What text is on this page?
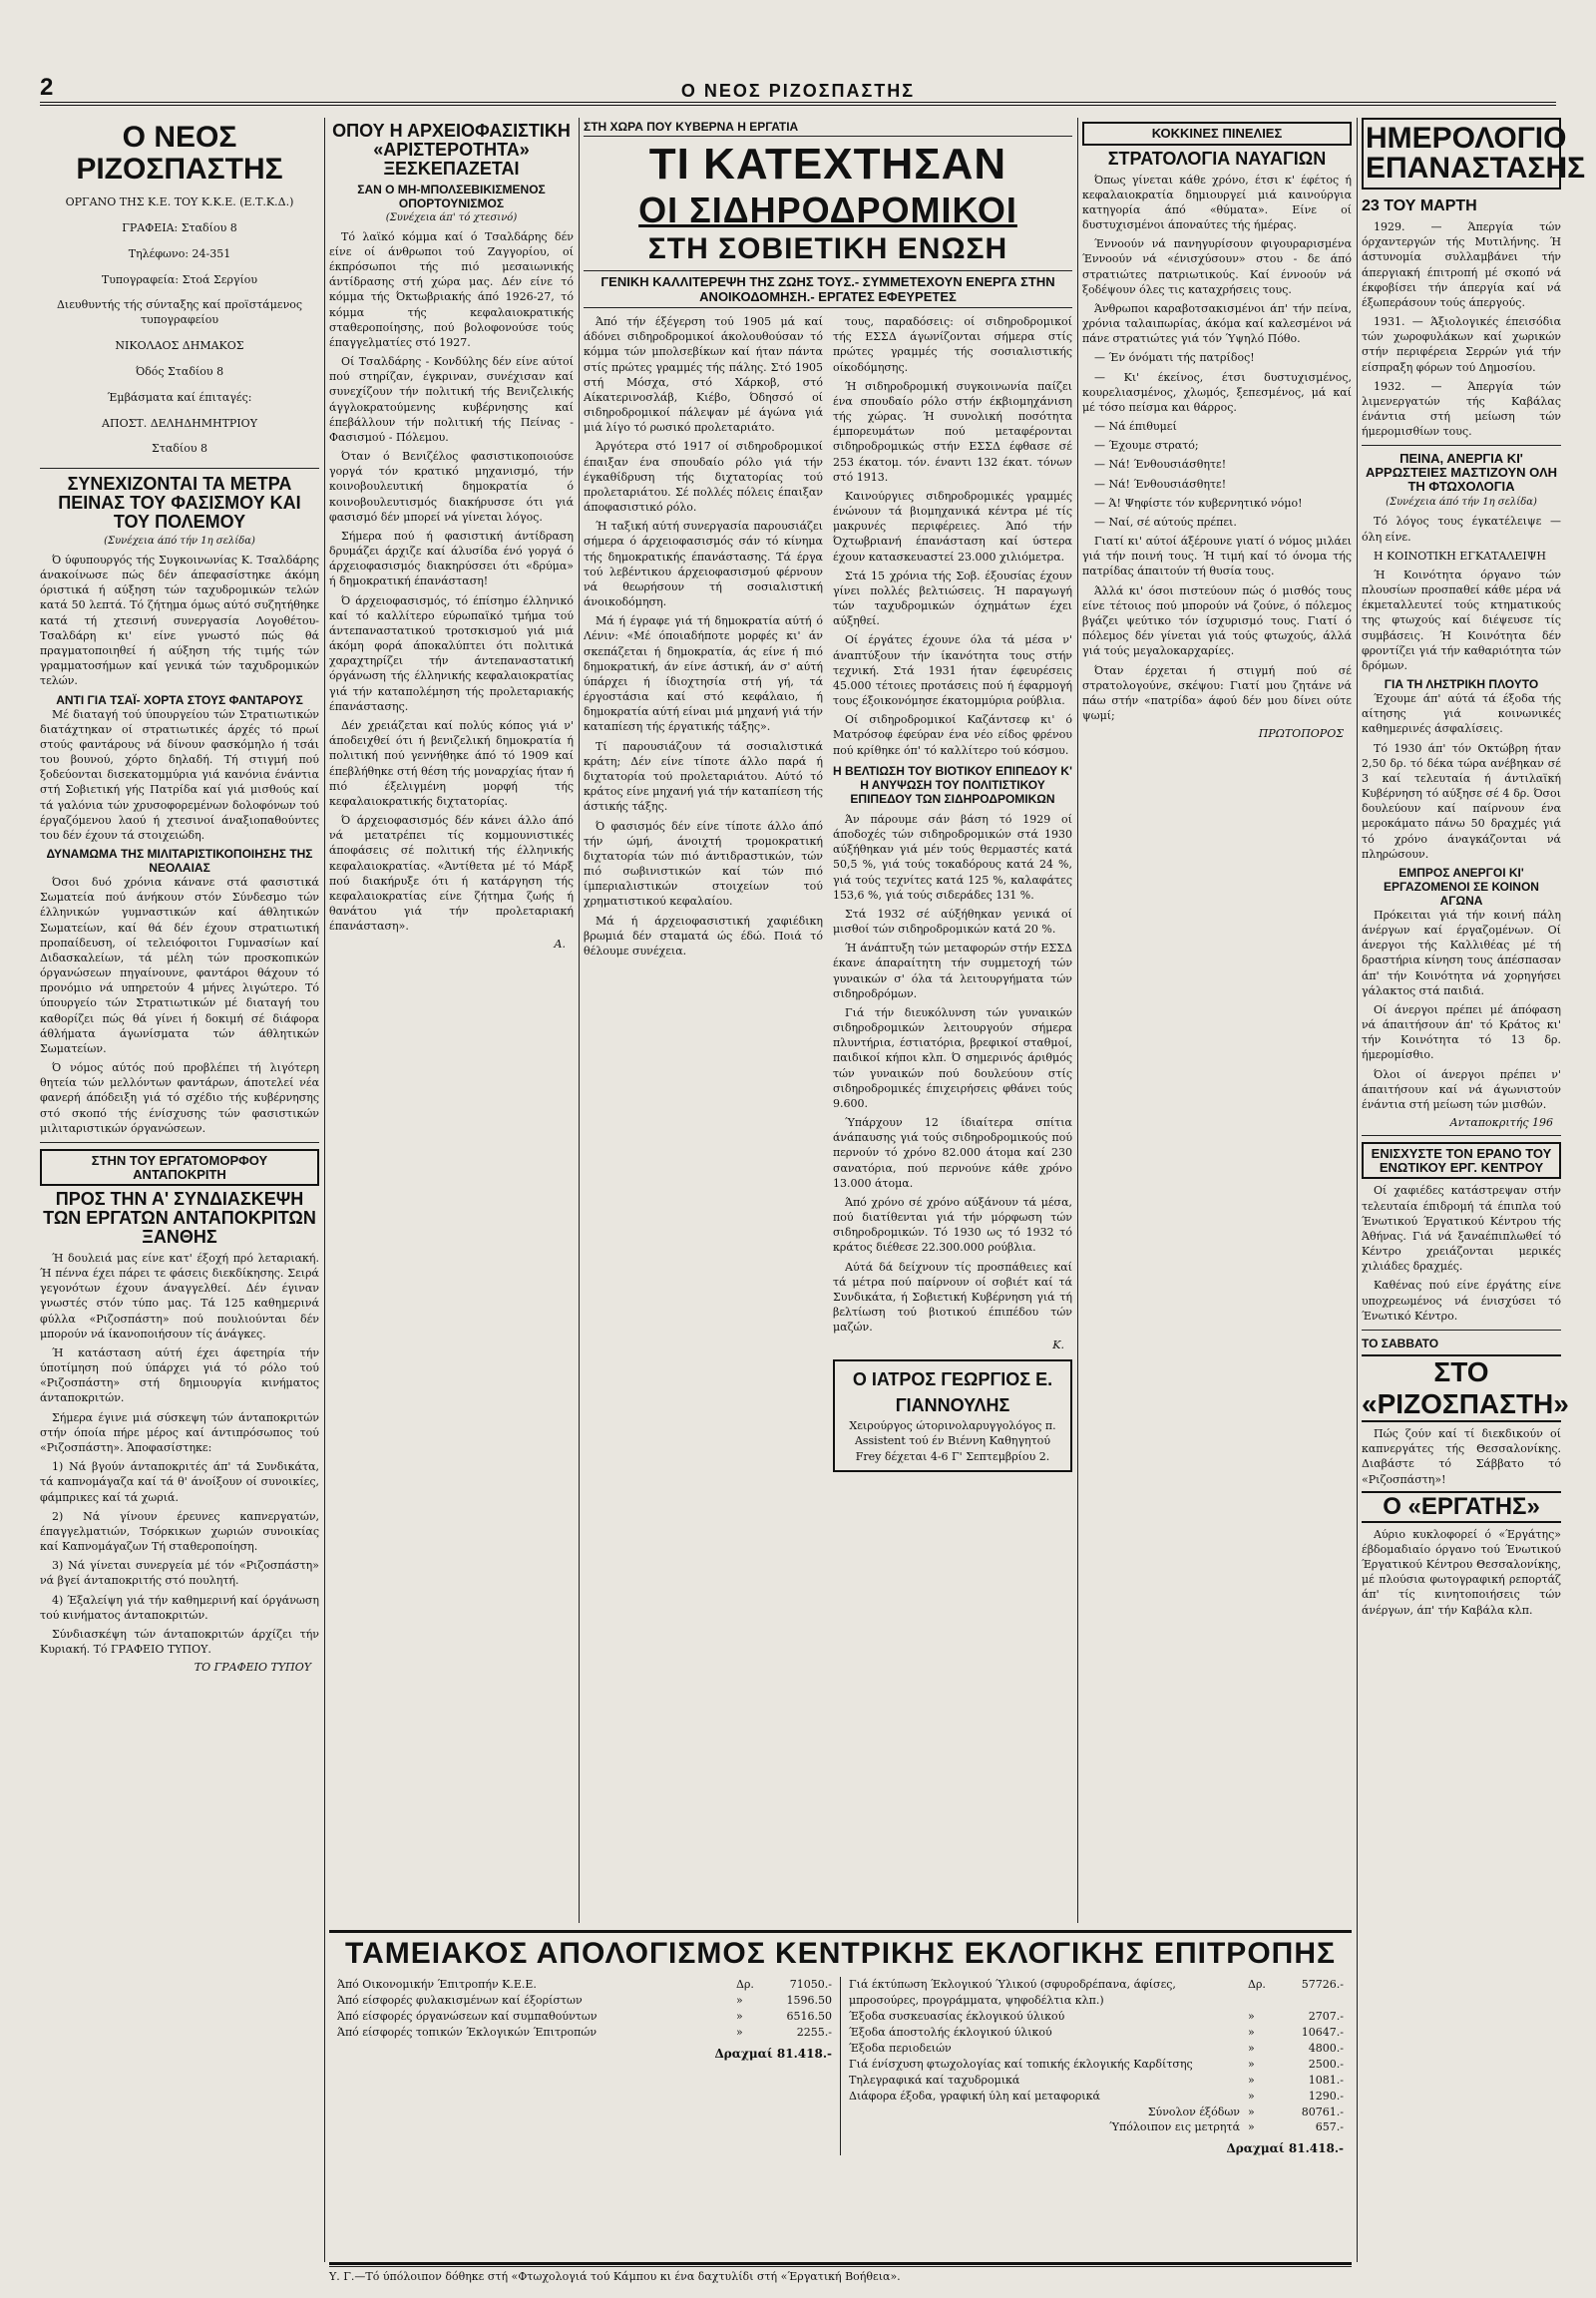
2	Ο ΝΕΟΣ ΡΙΖΟΣΠΑΣΤΗΣ
Ο ΝΕΟΣ ΡΙΖΟΣΠΑΣΤΗΣ

ΟΡΓΑΝΟ ΤΗΣ Κ.Ε. ΤΟΥ Κ.Κ.Ε. (Ε.Τ.Κ.Δ.)

ΓΡΑΦΕΙΑ: Σταδίου 8

Τηλέφωνο: 24-351

Τυπογραφεία: Στοά Σεργίου

Διευθυντής τής σύνταξης καί προϊστάμενος τυπογραφείου

ΝΙΚΟΛΑΟΣ ΔΗΜΑΚΟΣ

Όδός Σταδίου 8

Έμβάσματα καί έπιταγές:

ΑΠΟΣΤ. ΔΕΛΗΔΗΜΗΤΡΙΟΥ

Σταδίου 8

ΣΥΝΕΧΙΖΟΝΤΑΙ ΤΑ ΜΕΤΡΑ ΠΕΙΝΑΣ ΤΟΥ ΦΑΣΙΣΜΟΥ ΚΑΙ ΤΟΥ ΠΟΛΕΜΟΥ
(Συνέχεια άπό τήν 1η σελίδα)

Ό ύφυπουργός τής Συγκοινωνίας Κ. Τσαλδάρης άνακοίνωσε πώς δέν άπεφασίστηκε άκόμη όριστικά ή αύξηση τών ταχυδρομικών τελών κατά 50 λεπτά. Τό ζήτημα όμως αύτό συζητήθηκε κατά τή χτεσινή συνεργασία Λογοθέτου-Τσαλδάρη κι' είνε γνωστό πώς θά πραγματοποιηθεί ή αύξηση τής τιμής τών γραμματοσήμων καί γενικά τών ταχυδρομικών τελών.

ΑΝΤΙ ΓΙΑ ΤΣΑΪ- ΧΟΡΤΑ ΣΤΟΥΣ ΦΑΝΤΑΡΟΥΣ

Μέ διαταγή τού ύπουργείου τών Στρατιωτικών διατάχτηκαν οί στρατιωτικές άρχές τό πρωί στούς φαντάρους νά δίνουν φασκόμηλο ή τσάι του βουνού, χόρτο δηλαδή. Τή στιγμή πού ξοδεύονται δισεκατομμύρια γιά κανόνια ένάντια στή Σοβιετική γής Πατρίδα καί γιά μισθούς καί τά γαλόνια τών χρυσοφορεμένων δολοφόνων τού έργαζόμενου λαού ή χτεσινοί άναξιοπαθούντες του δέν έχουν τά στοιχειώδη.

ΔΥΝΑΜΩΜΑ ΤΗΣ ΜΙΛΙΤΑΡΙΣΤΙΚΟΠΟΙΗΣΗΣ ΤΗΣ ΝΕΟΛΑΙΑΣ

Όσοι δυό χρόνια κάνανε στά φασιστικά Σωματεία πού άνήκουν στόν Σύνδεσμο τών έλληνικών γυμναστικών καί άθλητικών Σωματείων, καί θά δέν έχουν στρατιωτική προπαίδευση, οί τελειόφοιτοι Γυμνασίων καί Διδασκαλείων, τά μέλη τών προσκοπικών όργανώσεων πηγαίνουνε, φαντάροι θάχουν τό προνόμιο νά υπηρετούν 4 μήνες λιγώτερο. Τό ύπουργείο τών Στρατιωτικών μέ διαταγή του καθορίζει πώς θά γίνει ή δοκιμή σέ διάφορα άθλήματα άγωνίσματα τών άθλητικών Σωματείων.

Ό νόμος αύτός πού προβλέπει τή λιγότερη θητεία τών μελλόντων φαντάρων, άποτελεί νέα φανερή άπόδειξη γιά τό σχέδιο τής κυβέρνησης στό σκοπό τής ένίσχυσης τών φασιστικών μιλιταριστικών όργανώσεων.

ΣΤΗΝ ΤΟΥ ΕΡΓΑΤΟΜΟΡΦΟΥ ΑΝΤΑΠΟΚΡΙΤΗ
ΠΡΟΣ ΤΗΝ Α' ΣΥΝΔΙΑΣΚΕΨΗ ΤΩΝ ΕΡΓΑΤΩΝ ΑΝΤΑΠΟΚΡΙΤΩΝ ΞΑΝΘΗΣ

Ή δουλειά μας είνε κατ' έξοχή πρό λεταριακή. Ή πέννα έχει πάρει τε φάσεις διεκδίκησης. Σειρά γεγονότων έχουν άναγγελθεί. Δέν έγιναν γνωστές στόν τύπο μας. Τά 125 καθημερινά φύλλα «Ριζοσπάστη» πού πουλιούνται δέν μπορούν νά ίκανοποιήσουν τίς άνάγκες.

Ή κατάσταση αύτή έχει άφετηρία τήν ύποτίμηση πού ύπάρχει γιά τό ρόλο τού «Ριζοσπάστη» στή δημιουργία κινήματος άνταποκριτών.

Σήμερα έγινε μιά σύσκεψη τών άνταποκριτών στήν όποία πήρε μέρος καί άντιπρόσωπος τού «Ριζοσπάστη». Άποφασίστηκε:

1) Νά βγούν άνταποκριτές άπ' τά Συνδικάτα, τά καπνομάγαζα καί τά θ' άνοίξουν οί συνοικίες, φάμπρικες καί τά χωριά.

2) Νά γίνουν έρευνες καπνεργατών, έπαγγελματιών, Τσόρκικων χωριών συνοικίας καί Καπνομάγαζων Τή σταθεροποίηση.

3) Νά γίνεται συνεργεία μέ τόν «Ριζοσπάστη» νά βγεί άνταποκριτής στό πουλητή.

4) Έξαλείψη γιά τήν καθημερινή καί όργάνωση τού κινήματος άνταποκριτών.

Σύνδιασκέψη τών άνταποκριτών άρχίζει τήν Κυριακή. Τό ΓΡΑΦΕΙΟ ΤΥΠΟΥ.

ΤΟ ΓΡΑΦΕΙΟ ΤΥΠΟΥ
ΟΠΟΥ Η ΑΡΧΕΙΟΦΑΣΙΣΤΙΚΗ «ΑΡΙΣΤΕΡΟΤΗΤΑ» ΞΕΣΚΕΠΑΖΕΤΑΙ
ΣΑΝ Ο ΜΗ-ΜΠΟΛΣΕΒΙΚΙΣΜΕΝΟΣ ΟΠΟΡΤΟΥΝΙΣΜΟΣ
(Συνέχεια άπ' τό χτεσινό)

Τό λαϊκό κόμμα καί ό Τσαλδάρης δέν είνε οί άνθρωποι τού Ζαγγορίου, οί έκπρόσωποι τής πιό μεσαιωνικής άντίδρασης στή χώρα μας. Δέν είνε τό κόμμα τής Όκτωβριακής άπό 1926-27, τό κόμμα τής κεφαλαιοκρατικής σταθεροποίησης, πού βολοφονούσε τούς έπαγγελματίες στό 1927.

Οί Τσαλδάρης - Κονδύλης δέν είνε αύτοί πού στηρίζαν, έγκριναν, συνέχισαν καί συνεχίζουν τήν πολιτική τής Βενιζελικής άγγλοκρατούμενης κυβέρνησης καί έπεβάλλουν τήν πολιτική τής Πείνας - Φασισμού - Πόλεμου.

Όταν ό Βενιζέλος φασιστικοποιούσε γοργά τόν κρατικό μηχανισμό, τήν κοινοβουλευτική δημοκρατία ό κοινοβουλευτισμός διακήρυσσε ότι γιά φασισμό δέν μπορεί νά γίνεται λόγος.

Σήμερα πού ή φασιστική άντίδραση δρυμάζει άρχιζε καί άλυσίδα ένό γοργά ό άρχειοφασισμός διακηρύσσει ότι «δρύμα» ή δημοκρατική έπανάσταση!

Ό άρχειοφασισμός, τό έπίσημο έλληνικό καί τό καλλίτερο εύρωπαϊκό τμήμα τού άντεπαναστατικού τροτσκισμού γιά μιά άκόμη φορά άποκαλύπτει ότι πολιτικά χαραχτηρίζει τήν άντεπαναστατική όργάνωση τής έλληνικής κεφαλαιοκρατίας γιά τήν καταπολέμηση τής προλεταριακής έπανάστασης.

Δέν χρειάζεται καί πολύς κόπος γιά ν' άποδειχθεί ότι ή βενιζελική δημοκρατία ή πολιτική πού γεννήθηκε άπό τό 1909 καί έπεβλήθηκε στή θέση τής μοναρχίας ήταν ή πιό έξελιγμένη μορφή τής κεφαλαιοκρατικής διχτατορίας.

Ό άρχειοφασισμός δέν κάνει άλλο άπό νά μετατρέπει τίς κομμουνιστικές άποφάσεις σέ πολιτική τής έλληνικής κεφαλαιοκρατίας. «Άντίθετα μέ τό Μάρξ πού διακήρυξε ότι ή κατάργηση τής κεφαλαιοκρατίας είνε ζήτημα ζωής ή θανάτου γιά τήν προλεταριακή έπανάσταση».

Α.
ΣΤΗ ΧΩΡΑ ΠΟΥ ΚΥΒΕΡΝΑ Η ΕΡΓΑΤΙΑ
ΤΙ ΚΑΤΕΧΤΗΣΑΝ
ΟΙ ΣΙΔΗΡΟΔΡΟΜΙΚΟΙ
ΣΤΗ ΣΟΒΙΕΤΙΚΗ ΕΝΩΣΗ
ΓΕΝΙΚΗ ΚΑΛΛΙΤΕΡΕΨΗ ΤΗΣ ΖΩΗΣ ΤΟΥΣ.- ΣΥΜΜΕΤΕΧΟΥΝ ΕΝΕΡΓΑ ΣΤΗΝ ΑΝΟΙΚΟΔΟΜΗΣΗ.- ΕΡΓΑΤΕΣ ΕΦΕΥΡΕΤΕΣ

Άπό τήν έξέγερση τού 1905 μά καί άδόνει σιδηροδρομικοί άκολουθούσαν τό κόμμα τών μπολσεβίκων καί ήταν πάντα στίς πρώτες γραμμές τής πάλης. Στό 1905 στή Μόσχα, στό Χάρκοβ, στό Αίκατερινοσλάβ, Κιέβο, Όδησσό οί σιδηροδρομικοί πάλεψαν μέ άγώνα γιά μιά λίγο τό ρωσικό προλεταριάτο.

Άργότερα στό 1917 οί σιδηροδρομικοί έπαιξαν ένα σπουδαίο ρόλο γιά τήν έγκαθίδρυση τής διχτατορίας τού προλεταριάτου. Σέ πολλές πόλεις έπαιξαν άποφασιστικό ρόλο.

Ή ταξική αύτή συνεργασία παρουσιάζει σήμερα ό άρχειοφασισμός σάν τό κίνημα τής δημοκρατικής έπανάστασης. Τά έργα τού λεβέντικου άρχειοφασισμού φέρνουν νά θεωρήσουν τή σοσιαλιστική άνοικοδόμηση.

Μά ή έγραφε γιά τή δημοκρατία αύτή ό Λένιν: «Μέ όποιαδήποτε μορφές κι' άν σκεπάζεται ή δημοκρατία, άς είνε ή πιό δημοκρατική, άν είνε άστική, άν σ' αύτή ύπάρχει ή ίδιοχτησία στή γή, τά έργοστάσια καί στό κεφάλαιο, ή δημοκρατία αύτή είναι μιά μηχανή γιά τήν καταπίεση τής έργατικής τάξης».

Τί παρουσιάζουν τά σοσιαλιστικά κράτη; Δέν είνε τίποτε άλλο παρά ή διχτατορία τού προλεταριάτου. Αύτό τό κράτος είνε μηχανή γιά τήν καταπίεση τής άστικής τάξης.

Ό φασισμός δέν είνε τίποτε άλλο άπό τήν ώμή, άνοιχτή τρομοκρατική διχτατορία τών πιό άντιδραστικών, τών πιό σωβινιστικών καί τών πιό ίμπεριαλιστικών στοιχείων τού χρηματιστικού κεφαλαίου.

Μά ή άρχειοφασιστική χαφιέδικη βρωμιά δέν σταματά ώς έδώ. Ποιά τό θέλουμε συνέχεια.

τους, παραδόσεις: οί σιδηροδρομικοί τής ΕΣΣΔ άγωνίζονται σήμερα στίς πρώτες γραμμές τής σοσιαλιστικής οίκοδόμησης.

Ή σιδηροδρομική συγκοινωνία παίζει ένα σπουδαίο ρόλο στήν έκβιομηχάνιση τής χώρας. Ή συνολική ποσότητα έμπορευμάτων πού μεταφέρονται σιδηροδρομικώς στήν ΕΣΣΔ έφθασε σέ 253 έκατομ. τόν. έναντι 132 έκατ. τόνων στό 1913.

Καινούργιες σιδηροδρομικές γραμμές ένώνουν τά βιομηχανικά κέντρα μέ τίς μακρυνές περιφέρειες. Άπό τήν Όχτωβριανή έπανάσταση καί ύστερα έχουν κατασκευαστεί 23.000 χιλιόμετρα.

Στά 15 χρόνια τής Σοβ. έξουσίας έχουν γίνει πολλές βελτιώσεις. Ή παραγωγή τών ταχυδρομικών όχημάτων έχει αύξηθεί.

Οί έργάτες έχουνε όλα τά μέσα ν' άναπτύξουν τήν ίκανότητα τους στήν τεχνική. Στά 1931 ήταν έφευρέσεις 45.000 τέτοιες προτάσεις πού ή έφαρμογή τους έξοικονόμησε έκατομμύρια ρούβλια.

Οί σιδηροδρομικοί Καζάντσεφ κι' ό Ματρόσοφ έφεύραν ένα νέο είδος φρένου πού κρίθηκε όπ' τό καλλίτερο τού κόσμου.

Η ΒΕΛΤΙΩΣΗ ΤΟΥ ΒΙΟΤΙΚΟΥ ΕΠΙΠΕΔΟΥ Κ' Η ΑΝΥΨΩΣΗ ΤΟΥ ΠΟΛΙΤΙΣΤΙΚΟΥ ΕΠΙΠΕΔΟΥ ΤΩΝ ΣΙΔΗΡΟΔΡΟΜΙΚΩΝ

Άν πάρουμε σάν βάση τό 1929 οί άποδοχές τών σιδηροδρομικών στά 1930 αύξήθηκαν γιά μέν τούς θερμαστές κατά 50,5 %, γιά τούς τοκαδόρους κατά 24 %, γιά τούς τεχνίτες κατά 125 %, καλαφάτες 153,6 %, γιά τούς σιδεράδες 131 %.

Στά 1932 σέ αύξήθηκαν γενικά οί μισθοί τών σιδηροδρομικών κατά 20 %.

Ή άνάπτυξη τών μεταφορών στήν ΕΣΣΔ έκανε άπαραίτητη τήν συμμετοχή τών γυναικών σ' όλα τά λειτουργήματα τών σιδηροδρόμων.

Γιά τήν διευκόλυνση τών γυναικών σιδηροδρομικών λειτουργούν σήμερα πλυντήρια, έστιατόρια, βρεφικοί σταθμοί, παιδικοί κήποι κλπ. Ό σημερινός άριθμός τών γυναικών πού δουλεύουν στίς σιδηροδρομικές έπιχειρήσεις φθάνει τούς 9.600.

Ύπάρχουν 12 ίδιαίτερα σπίτια άνάπαυσης γιά τούς σιδηροδρομικούς πού περνούν τό χρόνο 82.000 άτομα καί 230 σανατόρια, πού περνούνε κάθε χρόνο 13.000 άτομα.

Άπό χρόνο σέ χρόνο αύξάνουν τά μέσα, πού διατίθενται γιά τήν μόρφωση τών σιδηροδρομικών. Τό 1930 ως τό 1932 τό κράτος διέθεσε 22.300.000 ρούβλια.

Αύτά δά δείχνουν τίς προσπάθειες καί τά μέτρα πού παίρνουν οί σοβιέτ καί τά Συνδικάτα, ή Σοβιετική Κυβέρνηση γιά τή βελτίωση τού βιοτικού έπιπέδου τών μαζών.

Κ.
Ο ΙΑΤΡΟΣ ΓΕΩΡΓΙΟΣ Ε. ΓΙΑΝΝΟΥΛΗΣ
Χειρούργος ώτορινολαρυγγολόγος π. Assistent τού έν Βιέννη Καθηγητού Frey δέχεται 4-6 Γ' Σεπτεμβρίου 2.
ΚΟΚΚΙΝΕΣ ΠΙΝΕΛΙΕΣ
ΣΤΡΑΤΟΛΟΓΙΑ ΝΑΥΑΓΙΩΝ

Όπως γίνεται κάθε χρόνο, έτσι κ' έφέτος ή κεφαλαιοκρατία δημιουργεί μιά καινούργια κατηγορία άπό «θύματα». Είνε οί δυστυχισμένοι άποναύτες τής ήμέρας.

Έννοούν νά πανηγυρίσουν φιγουραρισμένα Έννοούν νά «ένισχύσουν» στου - δε άπό στρατιώτες πατριωτικούς. Καί έννοούν νά ξοδέψουν όλες τις καταχρήσεις τους.

Άνθρωποι καραβοτσακισμένοι άπ' τήν πείνα, χρόνια ταλαιπωρίας, άκόμα καί καλεσμένοι νά πάνε στρατιώτες γιά τόν Ύψηλό Πόθο.

— Έν όνόματι τής πατρίδος!

— Κι' έκείνος, έτσι δυστυχισμένος, κουρελιασμένος, χλωμός, ξεπεσμένος, μά καί μέ τόσο πείσμα και θάρρος.

— Νά έπιθυμεί

— Έχουμε στρατό;

— Νά! Ένθουσιάσθητε!

— Νά! Ένθουσιάσθητε!

— Ά! Ψηφίστε τόν κυβερνητικό νόμο!

— Ναί, σέ αύτούς πρέπει.

Γιατί κι' αύτοί άξέρουνε γιατί ό νόμος μιλάει γιά τήν ποινή τους. Ή τιμή καί τό όνομα τής πατρίδας άπαιτούν τή θυσία τους.

Άλλά κι' όσοι πιστεύουν πώς ό μισθός τους είνε τέτοιος πού μπορούν νά ζούνε, ό πόλεμος βγάζει ψεύτικο τόν ίσχυρισμό τους. Γιατί ό πόλεμος δέν γίνεται γιά τούς φτωχούς, άλλά γιά τούς μεγαλοκαρχαρίες.

Όταν έρχεται ή στιγμή πού σέ στρατολογούνε, σκέψου: Γιατί μου ζητάνε νά πάω στήν «πατρίδα» άφού δέν μου δίνει ούτε ψωμί;

ΠΡΩΤΟΠΟΡΟΣ
ΗΜΕΡΟΛΟΓΙΟ ΕΠΑΝΑΣΤΑΣΗΣ
23 ΤΟΥ ΜΑΡΤΗ

1929. — Άπεργία τών όρχαντεργών τής Μυτιλήνης. Ή άστυνομία συλλαμβάνει τήν άπεργιακή έπιτροπή μέ σκοπό νά έκφοβίσει τήν άπεργία καί νά έξωπεράσουν τούς άπεργούς.

1931. — Άξιολογικές έπεισόδια τών χωροφυλάκων καί χωρικών στήν περιφέρεια Σερρών γιά τήν είσπραξη φόρων τού Δημοσίου.

1932. — Άπεργία τών λιμενεργατών τής Καβάλας ένάντια στή μείωση τών ήμερομισθίων τους.

ΠΕΙΝΑ, ΑΝΕΡΓΙΑ ΚΙ' ΑΡΡΩΣΤΕΙΕΣ ΜΑΣΤΙΖΟΥΝ ΟΛΗ ΤΗ ΦΤΩΧΟΛΟΓΙΑ
(Συνέχεια άπό τήν 1η σελίδα)

Τό λόγος τους έγκατέλειψε — όλη είνε.

Η ΚΟΙΝΟΤΙΚΗ ΕΓΚΑΤΑΛΕΙΨΗ

Ή Κοινότητα όργανο τών πλουσίων προσπαθεί κάθε μέρα νά έκμεταλλευτεί τούς κτηματικούς της φτωχούς καί διέψευσε τίς συμβάσεις. Ή Κοινότητα δέν φροντίζει γιά τήν καθαριότητα τών δρόμων.

ΓΙΑ ΤΗ ΛΗΣΤΡΙΚΗ ΠΛΟΥΤΟ

Έχουμε άπ' αύτά τά έξοδα τής αίτησης γιά κοινωνικές καθημερινές άσφαλίσεις.

Τό 1930 άπ' τόν Οκτώβρη ήταν 2,50 δρ. τό δέκα τώρα ανέβηκαν σέ 3 καί τελευταία ή άντιλαϊκή Κυβέρνηση τό αύξησε σέ 4 δρ. Όσοι δουλεύουν καί παίρνουν ένα μεροκάματο πάνω 50 δραχμές γιά τό χρόνο άναγκάζονται νά πληρώσουν.

ΕΜΠΡΟΣ ΑΝΕΡΓΟΙ ΚΙ' ΕΡΓΑΖΟΜΕΝΟΙ ΣΕ ΚΟΙΝΟΝ ΑΓΩΝΑ

Πρόκειται γιά τήν κοινή πάλη άνέργων καί έργαζομένων. Οί άνεργοι τής Καλλιθέας μέ τή δραστήρια κίνηση τους άπέσπασαν άπ' τήν Κοινότητα νά χορηγήσει γάλακτος στά παιδιά.

Οί άνεργοι πρέπει μέ άπόφαση νά άπαιτήσουν άπ' τό Κράτος κι' τήν Κοινότητα τό 13 δρ. ήμερομίσθιο.

Όλοι οί άνεργοι πρέπει ν' άπαιτήσουν καί νά άγωνιστούν ένάντια στή μείωση τών μισθών.

Ανταποκριτής 196
ΕΝΙΣΧΥΣΤΕ ΤΟΝ ΕΡΑΝΟ ΤΟΥ ΕΝΩΤΙΚΟΥ ΕΡΓ. ΚΕΝΤΡΟΥ

Οί χαφιέδες κατάστρεψαν στήν τελευταία έπιδρομή τά έπιπλα τού Ένωτικού Έργατικού Κέντρου τής Άθήνας. Γιά νά ξαναέπιπλωθεί τό Κέντρο χρειάζονται μερικές χιλιάδες δραχμές.

Καθένας πού είνε έργάτης είνε υποχρεωμένος νά ένισχύσει τό Ένωτικό Κέντρο.

ΤΟ ΣΑΒΒΑΤΟ
ΣΤΟ «ΡΙΖΟΣΠΑΣΤΗ»
Πώς ζούν καί τί διεκδικούν οί καπνεργάτες τής Θεσσαλονίκης. Διαβάστε τό Σάββατο τό «Ριζοσπάστη»!
Ο «ΕΡΓΑΤΗΣ»
Αύριο κυκλοφορεί ό «Έργάτης» έβδομαδιαίο όργανο τού Ένωτικού Έργατικού Κέντρου Θεσσαλονίκης, μέ πλούσια φωτογραφική ρεπορτάζ άπ' τίς κινητοποιήσεις τών άνέργων, άπ' τήν Καβάλα κλπ.
ΤΑΜΕΙΑΚΟΣ ΑΠΟΛΟΓΙΣΜΟΣ ΚΕΝΤΡΙΚΗΣ ΕΚΛΟΓΙΚΗΣ ΕΠΙΤΡΟΠΗΣ
Άπό Οικονομικήν Έπιτροπήν Κ.Ε.Ε.	Δρ.	71050.-
Άπό είσφορές φυλακισμένων καί έξορίστων	»	1596.50
Άπό είσφορές όργανώσεων καί συμπαθούντων	»	6516.50
Άπό είσφορές τοπικών Έκλογικών Έπιτροπών	»	2255.-
Δραχμαί 81.418.-
Γιά έκτύπωση Έκλογικού Ύλικού (σφυροδρέπανα, άφίσες, μπροσούρες, προγράμματα, ψηφοδέλτια κλπ.)
Δρ.	57726.-
Έξοδα συσκευασίας έκλογικού ύλικού	»	2707.-
Έξοδα άποστολής έκλογικού ύλικού	»	10647.-
Έξοδα περιοδειών	»	4800.-
Γιά ένίσχυση φτωχολογίας καί τοπικής έκλογικής Καρδίτσης	»	2500.-
Τηλεγραφικά καί ταχυδρομικά	»	1081.-
Διάφορα έξοδα, γραφική ύλη καί μεταφορικά	»	1290.-
Σύνολον έξόδων »	80761.-
Ύπόλοιπον εις μετρητά »	657.-
Δραχμαί 81.418.-
Υ. Γ.—Τό ύπόλοιπον δόθηκε στή «Φτωχολογιά τού Κάμπου κι ένα δαχτυλίδι στή «Έργατική Βοήθεια».
